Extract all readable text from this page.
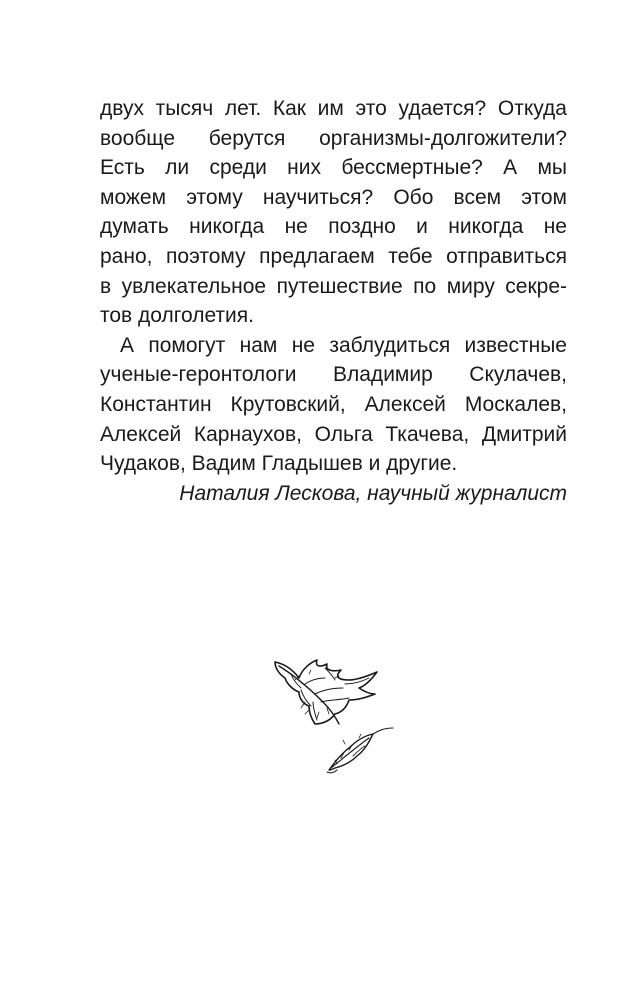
двух тысяч лет. Как им это удается? Откуда
вообще берутся организмы-долгожители?
Есть ли среди них бессмертные? А мы
можем этому научиться? Обо всем этом
думать никогда не поздно и никогда не
рано, поэтому предлагаем тебе отправиться
в увлекательное путешествие по миру секре-
тов долголетия.
А помогут нам не заблудиться известные
ученые-геронтологи Владимир Скулачев,
Константин Крутовский, Алексей Москалев,
Алексей Карнаухов, Ольга Ткачева, Дмитрий
Чудаков, Вадим Гладышев и другие.
Наталия Лескова, научный журналист
